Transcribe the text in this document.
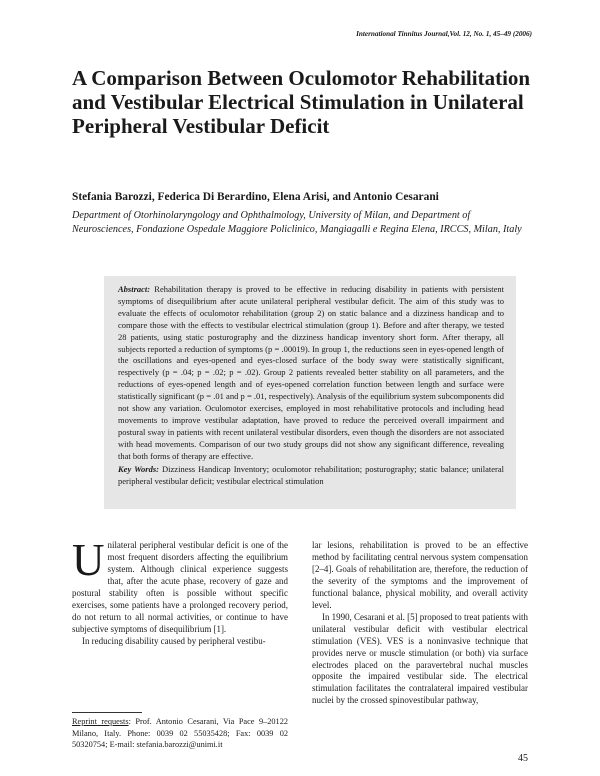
International Tinnitus Journal,Vol. 12, No. 1, 45–49 (2006)
A Comparison Between Oculomotor Rehabilitation and Vestibular Electrical Stimulation in Unilateral Peripheral Vestibular Deficit

Stefania Barozzi, Federica Di Berardino, Elena Arisi, and Antonio Cesarani

Department of Otorhinolaryngology and Ophthalmology, University of Milan, and Department of Neurosciences, Fondazione Ospedale Maggiore Policlinico, Mangiagalli e Regina Elena, IRCCS, Milan, Italy

Abstract: Rehabilitation therapy is proved to be effective in reducing disability in patients with persistent symptoms of disequilibrium after acute unilateral peripheral vestibular deficit. The aim of this study was to evaluate the effects of oculomotor rehabilitation (group 2) on static balance and a dizziness handicap and to compare those with the effects to vestibular electrical stimulation (group 1). Before and after therapy, we tested 28 patients, using static posturography and the dizziness handicap inventory short form. After therapy, all subjects reported a reduction of symptoms (p = .00019). In group 1, the reductions seen in eyes-opened length of the oscillations and eyes-opened and eyes-closed surface of the body sway were statistically significant, respectively (p = .04; p = .02; p = .02). Group 2 patients revealed better stability on all parameters, and the reductions of eyes-opened length and of eyes-opened correlation function between length and surface were statistically significant (p = .01 and p = .01, respectively). Analysis of the equilibrium system subcomponents did not show any variation. Oculomotor exercises, employed in most rehabilitative protocols and including head movements to improve vestibular adaptation, have proved to reduce the perceived overall impairment and postural sway in patients with recent unilateral vestibular disorders, even though the disorders are not associated with head movements. Comparison of our two study groups did not show any significant difference, revealing that both forms of therapy are effective.

Key Words: Dizziness Handicap Inventory; oculomotor rehabilitation; posturography; static balance; unilateral peripheral vestibular deficit; vestibular electrical stimulation

Unilateral peripheral vestibular deficit is one of the most frequent disorders affecting the equilibrium system. Although clinical experience suggests that, after the acute phase, recovery of gaze and postural stability often is possible without specific exercises, some patients have a prolonged recovery period, do not return to all normal activities, or continue to have subjective symptoms of disequilibrium [1].

In reducing disability caused by peripheral vestibu-

lar lesions, rehabilitation is proved to be an effective method by facilitating central nervous system compensation [2–4]. Goals of rehabilitation are, therefore, the reduction of the severity of the symptoms and the improvement of functional balance, physical mobility, and overall activity level.

In 1990, Cesarani et al. [5] proposed to treat patients with unilateral vestibular deficit with vestibular electrical stimulation (VES). VES is a noninvasive technique that provides nerve or muscle stimulation (or both) via surface electrodes placed on the paravertebral nuchal muscles opposite the impaired vestibular side. The electrical stimulation facilitates the contralateral impaired vestibular nuclei by the crossed spinovestibular pathway,

Reprint requests: Prof. Antonio Cesarani, Via Pace 9–20122 Milano, Italy. Phone: 0039 02 55035428; Fax: 0039 02 50320754; E-mail: stefania.barozzi@unimi.it

45
